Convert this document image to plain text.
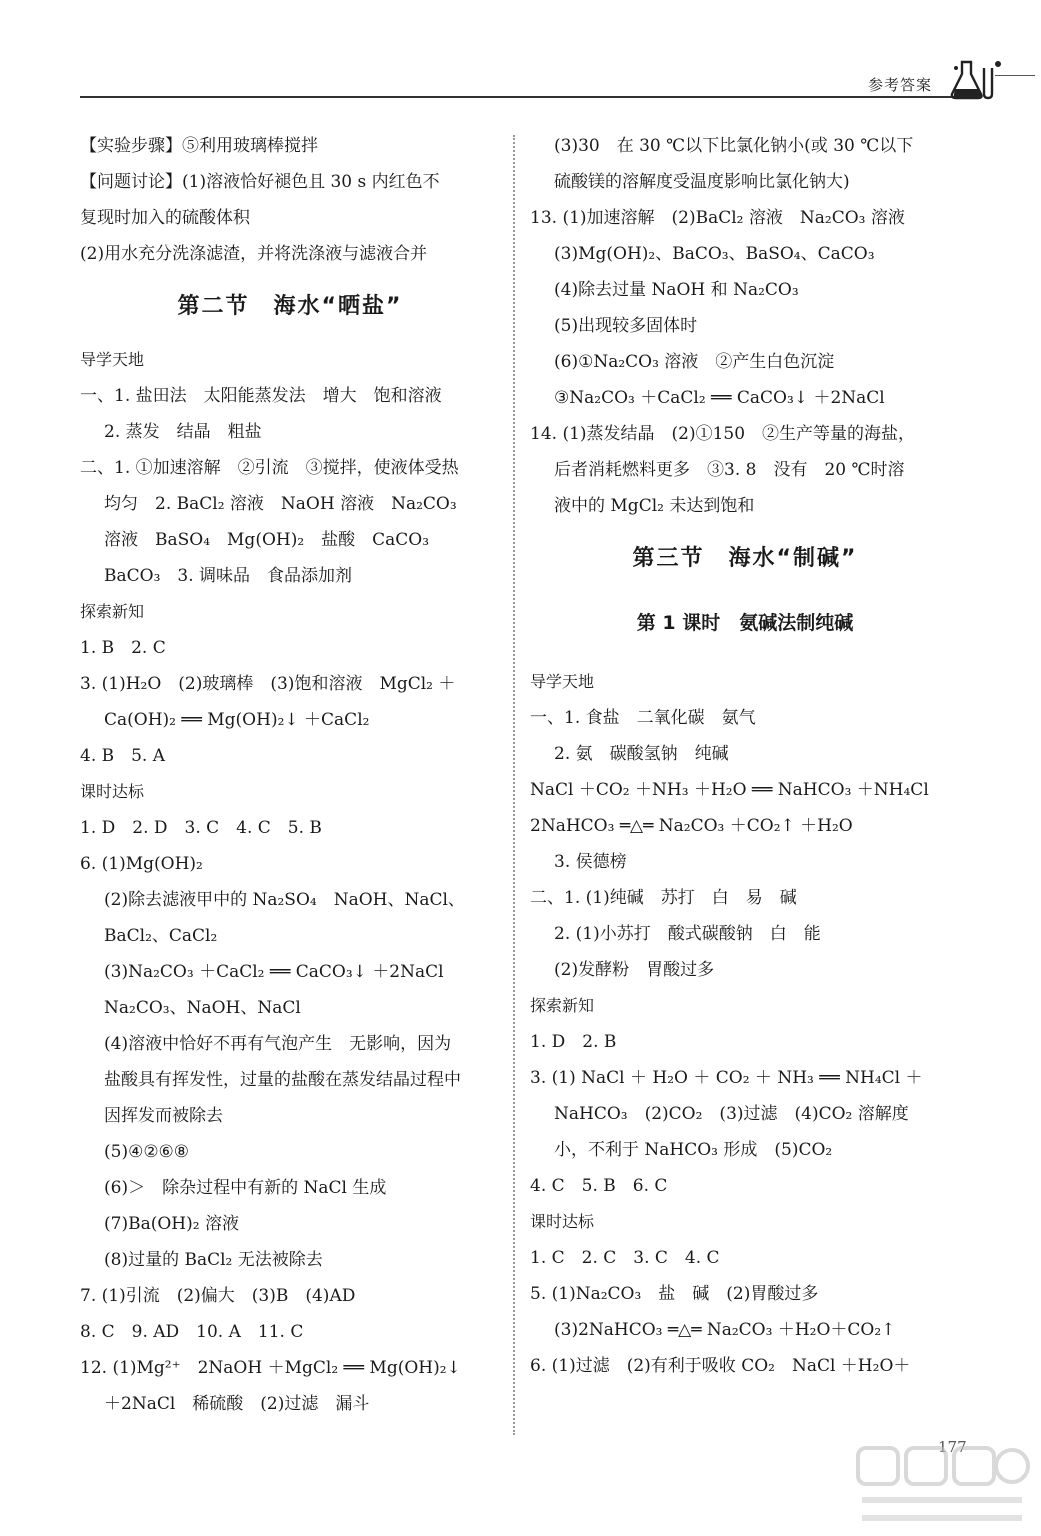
参考答案
【实验步骤】⑤利用玻璃棒搅拌
【问题讨论】(1)溶液恰好褪色且 30 s 内红色不
复现时加入的硫酸体积
(2)用水充分洗涤滤渣，并将洗涤液与滤液合并
第二节　海水“晒盐”
导学天地
一、1. 盐田法　太阳能蒸发法　增大　饱和溶液
2. 蒸发　结晶　粗盐
二、1. ①加速溶解　②引流　③搅拌，使液体受热
均匀　2. BaCl₂ 溶液　NaOH 溶液　Na₂CO₃
溶液　BaSO₄　Mg(OH)₂　盐酸　CaCO₃
BaCO₃　3. 调味品　食品添加剂
探索新知
1. B　2. C
3. (1)H₂O　(2)玻璃棒　(3)饱和溶液　MgCl₂ ＋
Ca(OH)₂ ══ Mg(OH)₂↓ ＋CaCl₂
4. B　5. A
课时达标
1. D　2. D　3. C　4. C　5. B
6. (1)Mg(OH)₂
(2)除去滤液甲中的 Na₂SO₄　NaOH、NaCl、
BaCl₂、CaCl₂
(3)Na₂CO₃ ＋CaCl₂ ══ CaCO₃↓ ＋2NaCl
Na₂CO₃、NaOH、NaCl
(4)溶液中恰好不再有气泡产生　无影响，因为
盐酸具有挥发性，过量的盐酸在蒸发结晶过程中
因挥发而被除去
(5)④②⑥⑧
(6)＞　除杂过程中有新的 NaCl 生成
(7)Ba(OH)₂ 溶液
(8)过量的 BaCl₂ 无法被除去
7. (1)引流　(2)偏大　(3)B　(4)AD
8. C　9. AD　10. A　11. C
12. (1)Mg²⁺　2NaOH ＋MgCl₂ ══ Mg(OH)₂↓
＋2NaCl　稀硫酸　(2)过滤　漏斗
(3)30　在 30 ℃以下比氯化钠小(或 30 ℃以下
硫酸镁的溶解度受温度影响比氯化钠大)
13. (1)加速溶解　(2)BaCl₂ 溶液　Na₂CO₃ 溶液
(3)Mg(OH)₂、BaCO₃、BaSO₄、CaCO₃
(4)除去过量 NaOH 和 Na₂CO₃
(5)出现较多固体时
(6)①Na₂CO₃ 溶液　②产生白色沉淀
③Na₂CO₃ ＋CaCl₂ ══ CaCO₃↓ ＋2NaCl
14. (1)蒸发结晶　(2)①150　②生产等量的海盐，
后者消耗燃料更多　③3. 8　没有　20 ℃时溶
液中的 MgCl₂ 未达到饱和
第三节　海水“制碱”
第 1 课时　氨碱法制纯碱
导学天地
一、1. 食盐　二氧化碳　氨气
2. 氨　碳酸氢钠　纯碱
NaCl ＋CO₂ ＋NH₃ ＋H₂O ══ NaHCO₃ ＋NH₄Cl
2NaHCO₃ ═△═ Na₂CO₃ ＋CO₂↑ ＋H₂O
3. 侯德榜
二、1. (1)纯碱　苏打　白　易　碱
2. (1)小苏打　酸式碳酸钠　白　能
(2)发酵粉　胃酸过多
探索新知
1. D　2. B
3. (1) NaCl ＋ H₂O ＋ CO₂ ＋ NH₃ ══ NH₄Cl ＋
NaHCO₃　(2)CO₂　(3)过滤　(4)CO₂ 溶解度
小，不利于 NaHCO₃ 形成　(5)CO₂
4. C　5. B　6. C
课时达标
1. C　2. C　3. C　4. C
5. (1)Na₂CO₃　盐　碱　(2)胃酸过多
(3)2NaHCO₃ ═△═ Na₂CO₃ ＋H₂O＋CO₂↑
6. (1)过滤　(2)有利于吸收 CO₂　NaCl ＋H₂O＋
177
